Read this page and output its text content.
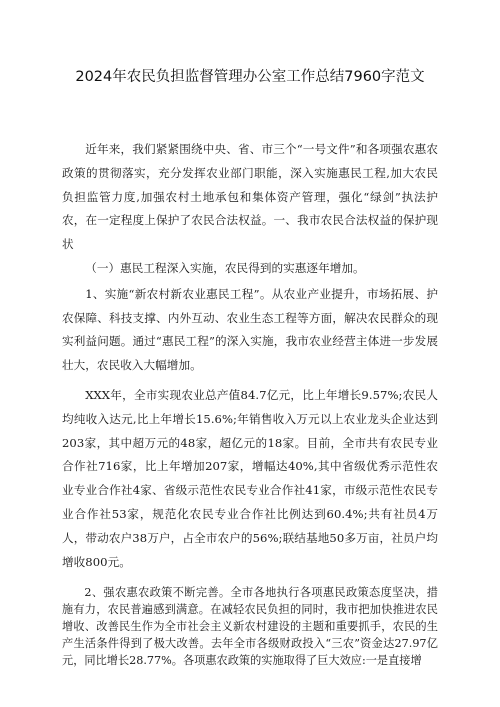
2024年农民负担监督管理办公室工作总结7960字范文

近年来，我们紧紧围绕中央、省、市三个“一号文件”和各项强农惠农政策的贯彻落实，充分发挥农业部门职能，深入实施惠民工程,加大农民负担监管力度,加强农村土地承包和集体资产管理，强化“绿剑”执法护农，在一定程度上保护了农民合法权益。一、我市农民合法权益的保护现状

（一）惠民工程深入实施，农民得到的实惠逐年增加。

1、实施“新农村新农业惠民工程”。从农业产业提升，市场拓展、护农保障、科技支撑、内外互动、农业生态工程等方面，解决农民群众的现实利益问题。通过“惠民工程”的深入实施，我市农业经营主体进一步发展壮大，农民收入大幅增加。

XXX年，全市实现农业总产值84.7亿元，比上年增长9.57%;农民人均纯收入达元,比上年增长15.6%;年销售收入万元以上农业龙头企业达到203家，其中超万元的48家，超亿元的18家。目前，全市共有农民专业合作社716家，比上年增加207家，增幅达40%,其中省级优秀示范性农业专业合作社4家、省级示范性农民专业合作社41家，市级示范性农民专业合作社53家，规范化农民专业合作社比例达到60.4%;共有社员4万人，带动农户38万户，占全市农户的56%;联结基地50多万亩，社员户均增收800元。

2、强农惠农政策不断完善。全市各地执行各项惠民政策态度坚决，措施有力，农民普遍感到满意。在减轻农民负担的同时，我市把加快推进农民增收、改善民生作为全市社会主义新农村建设的主题和重要抓手，农民的生产生活条件得到了极大改善。去年全市各级财政投入“三农”资金达27.97亿元，同比增长28.77%。各项惠农政策的实施取得了巨大效应:一是直接增
